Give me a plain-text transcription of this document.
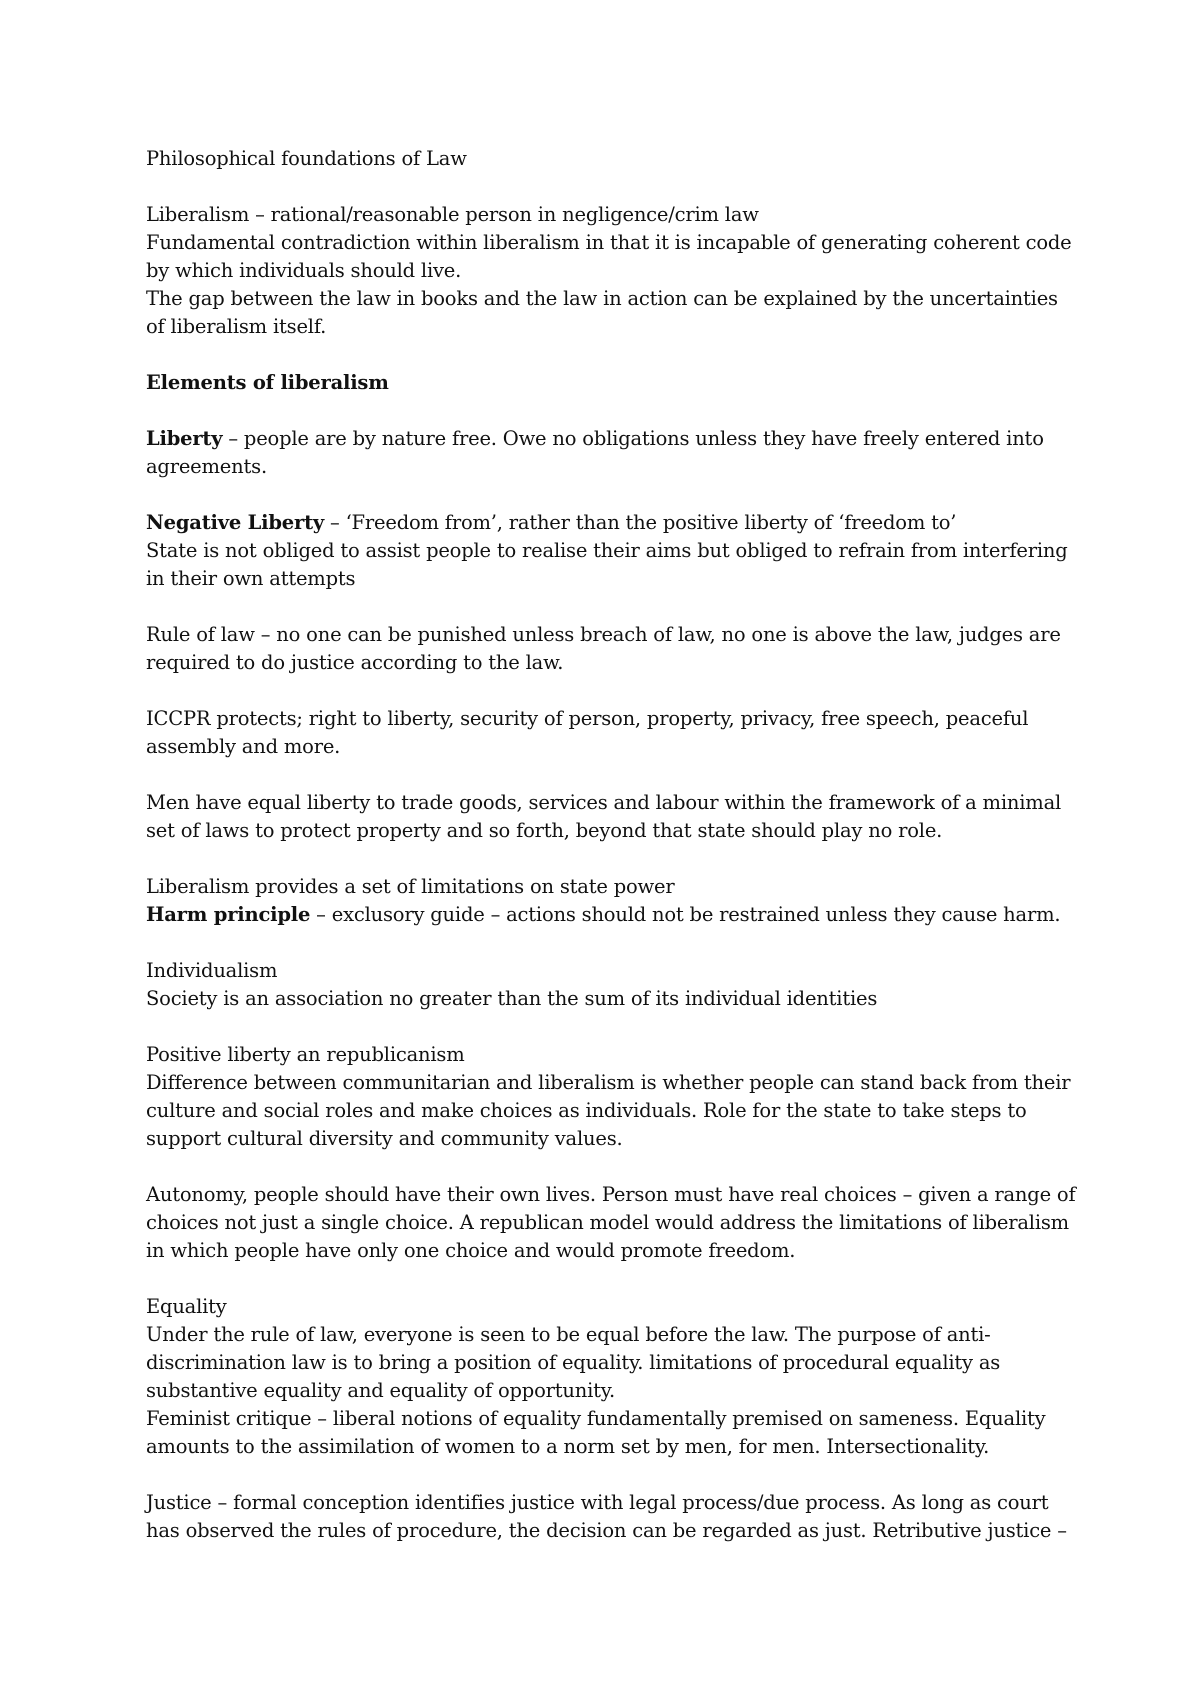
Philosophical foundations of Law

Liberalism – rational/reasonable person in negligence/crim law

Fundamental contradiction within liberalism in that it is incapable of generating coherent code by which individuals should live.

The gap between the law in books and the law in action can be explained by the uncertainties of liberalism itself.

Elements of liberalism

Liberty – people are by nature free. Owe no obligations unless they have freely entered into agreements.

Negative Liberty – ‘Freedom from’, rather than the positive liberty of ‘freedom to’

State is not obliged to assist people to realise their aims but obliged to refrain from interfering in their own attempts

Rule of law – no one can be punished unless breach of law, no one is above the law, judges are required to do justice according to the law.

ICCPR protects; right to liberty, security of person, property, privacy, free speech, peaceful assembly and more.

Men have equal liberty to trade goods, services and labour within the framework of a minimal set of laws to protect property and so forth, beyond that state should play no role.

Liberalism provides a set of limitations on state power

Harm principle – exclusory guide – actions should not be restrained unless they cause harm.

Individualism

Society is an association no greater than the sum of its individual identities

Positive liberty an republicanism

Difference between communitarian and liberalism is whether people can stand back from their culture and social roles and make choices as individuals. Role for the state to take steps to support cultural diversity and community values.

Autonomy, people should have their own lives. Person must have real choices – given a range of choices not just a single choice. A republican model would address the limitations of liberalism in which people have only one choice and would promote freedom.

Equality

Under the rule of law, everyone is seen to be equal before the law. The purpose of anti-discrimination law is to bring a position of equality. limitations of procedural equality as substantive equality and equality of opportunity.

Feminist critique – liberal notions of equality fundamentally premised on sameness. Equality amounts to the assimilation of women to a norm set by men, for men. Intersectionality.

Justice – formal conception identifies justice with legal process/due process. As long as court has observed the rules of procedure, the decision can be regarded as just. Retributive justice –
